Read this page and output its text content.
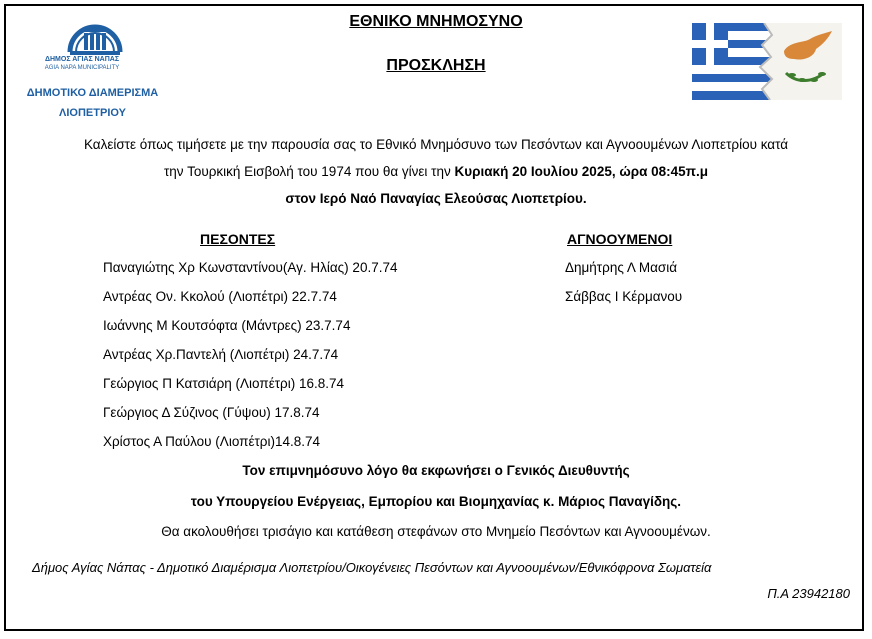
ΔΗΜΟΣ ΑΓΙΑΣ ΝΑΠΑΣ
AGIA NAPA MUNICIPALITY
ΔΗΜΟΤΙΚΟ ΔΙΑΜΕΡΙΣΜΑ
ΛΙΟΠΕΤΡΙΟΥ
ΕΘΝΙΚΟ ΜΝΗΜΟΣΥΝΟ
ΠΡΟΣΚΛΗΣΗ
Καλείστε όπως τιμήσετε με την παρουσία σας το Εθνικό Μνημόσυνο των Πεσόντων και Αγνοουμένων Λιοπετρίου κατά
την Τουρκική Εισβολή του 1974 που θα γίνει την Κυριακή 20 Ιουλίου 2025, ώρα 08:45π.μ
στον Ιερό Ναό Παναγίας Ελεούσας Λιοπετρίου.
ΠΕΣΟΝΤΕΣ	ΑΓΝΟΟΥΜΕΝΟΙ
Παναγιώτης Χρ Κωνσταντίνου(Αγ. Ηλίας) 20.7.74
Αντρέας Ον. Κκολού (Λιοπέτρι) 22.7.74
Ιωάννης Μ Κουτσόφτα (Μάντρες) 23.7.74
Αντρέας Χρ.Παντελή (Λιοπέτρι) 24.7.74
Γεώργιος Π Κατσιάρη (Λιοπέτρι) 16.8.74
Γεώργιος Δ Σύζινος (Γύψου) 17.8.74
Χρίστος Α Παύλου (Λιοπέτρι)14.8.74
Δημήτρης Λ Μασιά
Σάββας Ι Κέρμανου
Τον επιμνημόσυνο λόγο θα εκφωνήσει ο Γενικός Διευθυντής
του Υπουργείου Ενέργειας, Εμπορίου και Βιομηχανίας κ. Μάριος Παναγίδης.
Θα ακολουθήσει τρισάγιο και κατάθεση στεφάνων στο Μνημείο Πεσόντων και Αγνοουμένων.
Δήμος Αγίας Νάπας - Δημοτικό Διαμέρισμα Λιοπετρίου/Οικογένειες Πεσόντων και Αγνοουμένων/Εθνικόφρονα Σωματεία
Π.Α 23942180
